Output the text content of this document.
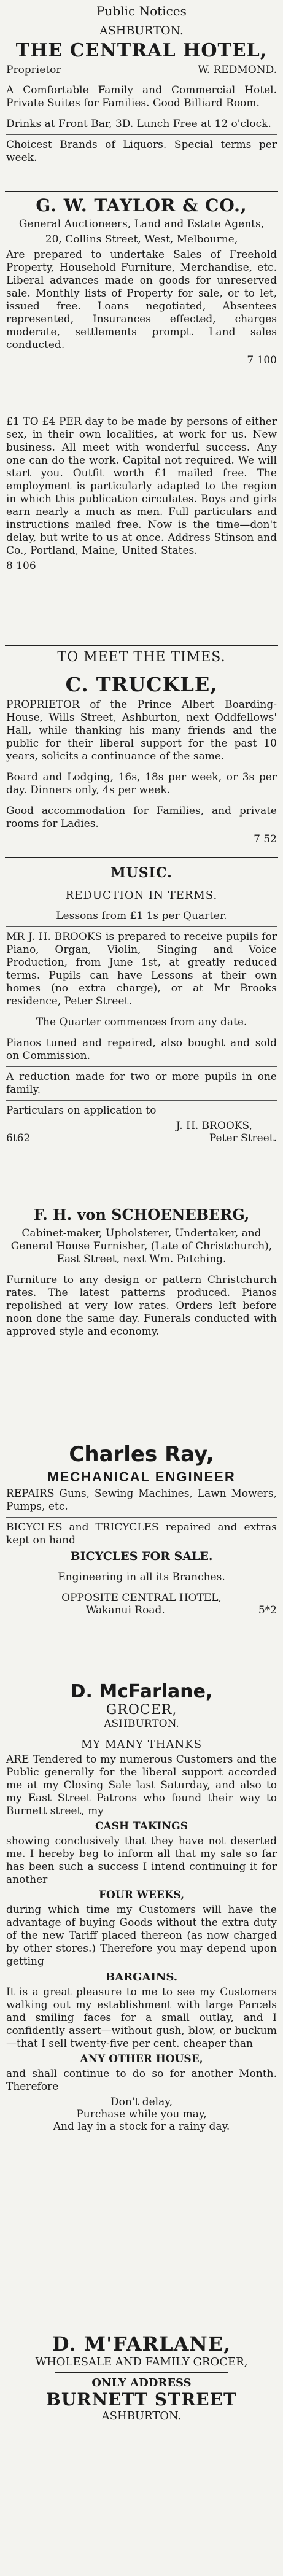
Public Notices
ASHBURTON.
THE CENTRAL HOTEL,
Proprietor	W. REDMOND.

A Comfortable Family and Commercial Hotel. Private Suites for Families. Good Billiard Room.

Drinks at Front Bar, 3D. Lunch Free at 12 o'clock.

Choicest Brands of Liquors. Special terms per week.

G. W. TAYLOR & CO.,

General Auctioneers, Land and Estate Agents,

20, Collins Street, West, Melbourne,

Are prepared to undertake Sales of Freehold Property, Household Furniture, Merchandise, etc. Liberal advances made on goods for unreserved sale. Monthly lists of Property for sale, or to let, issued free. Loans negotiated, Absentees represented, Insurances effected, charges moderate, settlements prompt. Land sales conducted.

7 100

£1 TO £4 PER day to be made by persons of either sex, in their own localities, at work for us. New business. All meet with wonderful success. Any one can do the work. Capital not required. We will start you. Outfit worth £1 mailed free. The employment is particularly adapted to the region in which this publication circulates. Boys and girls earn nearly a much as men. Full particulars and instructions mailed free. Now is the time—don't delay, but write to us at once. Address Stinson and Co., Portland, Maine, United States.

8 106
TO MEET THE TIMES.
C. TRUCKLE,

PROPRIETOR of the Prince Albert Boarding-House, Wills Street, Ashburton, next Oddfellows' Hall, while thanking his many friends and the public for their liberal support for the past 10 years, solicits a continuance of the same.

Board and Lodging, 16s, 18s per week, or 3s per day. Dinners only, 4s per week.

Good accommodation for Families, and private rooms for Ladies.

7 52
MUSIC.
REDUCTION IN TERMS.

Lessons from £1 1s per Quarter.

MR J. H. BROOKS is prepared to receive pupils for Piano, Organ, Violin, Singing and Voice Production, from June 1st, at greatly reduced terms. Pupils can have Lessons at their own homes (no extra charge), or at Mr Brooks residence, Peter Street.

The Quarter commences from any date.

Pianos tuned and repaired, also bought and sold on Commission.

A reduction made for two or more pupils in one family.

Particulars on application to

J. H. BROOKS,
6t62	Peter Street.
F. H. von SCHOENEBERG,

Cabinet-maker, Upholsterer, Undertaker, and General House Furnisher, (Late of Christchurch), East Street, next Wm. Patching.

Furniture to any design or pattern Christchurch rates. The latest patterns produced. Pianos repolished at very low rates. Orders left before noon done the same day. Funerals conducted with approved style and economy.

Charles Ray,
MECHANICAL ENGINEER

REPAIRS Guns, Sewing Machines, Lawn Mowers, Pumps, etc.

BICYCLES and TRICYCLES repaired and extras kept on hand

BICYCLES FOR SALE.

Engineering in all its Branches.

OPPOSITE CENTRAL HOTEL,
Wakanui Road.	5*2
D. McFarlane,
GROCER,
ASHBURTON.
MY MANY THANKS

ARE Tendered to my numerous Customers and the Public generally for the liberal support accorded me at my Closing Sale last Saturday, and also to my East Street Patrons who found their way to Burnett street, my

CASH TAKINGS

showing conclusively that they have not deserted me. I hereby beg to inform all that my sale so far has been such a success I intend continuing it for another

FOUR WEEKS,

during which time my Customers will have the advantage of buying Goods without the extra duty of the new Tariff placed thereon (as now charged by other stores.) Therefore you may depend upon getting

BARGAINS.

It is a great pleasure to me to see my Customers walking out my establishment with large Parcels and smiling faces for a small outlay, and I confidently assert—without gush, blow, or buckum—that I sell twenty-five per cent. cheaper than

ANY OTHER HOUSE,

and shall continue to do so for another Month. Therefore

Don't delay,
Purchase while you may,
And lay in a stock for a rainy day.
D. M'FARLANE,
WHOLESALE AND FAMILY GROCER,
ONLY ADDRESS
BURNETT STREET
ASHBURTON.
